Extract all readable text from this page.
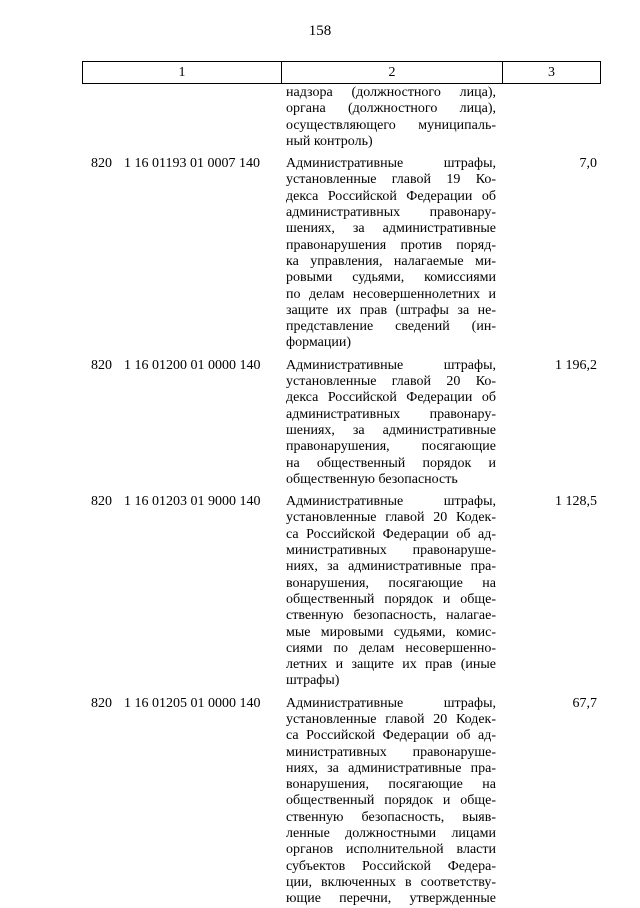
158
1	2	3
надзора (должностного лица),
органа (должностного лица),
осуществляющего муниципаль-
ный контроль)
820 1 16 01193 01 0007 140 Административные штрафы,
установленные главой 19 Ко-
декса Российской Федерации об
административных правонару-
шениях, за административные
правонарушения против поряд-
ка управления, налагаемые ми-
ровыми судьями, комиссиями
по делам несовершеннолетних и
защите их прав (штрафы за не-
представление сведений (ин-
формации)
7,0
820 1 16 01200 01 0000 140 Административные штрафы,
установленные главой 20 Ко-
декса Российской Федерации об
административных правонару-
шениях, за административные
правонарушения, посягающие
на общественный порядок и
общественную безопасность
1 196,2
820 1 16 01203 01 9000 140 Административные штрафы,
установленные главой 20 Кодек-
са Российской Федерации об ад-
министративных правонаруше-
ниях, за административные пра-
вонарушения, посягающие на
общественный порядок и обще-
ственную безопасность, налагае-
мые мировыми судьями, комис-
сиями по делам несовершенно-
летних и защите их прав (иные
штрафы)
1 128,5
820 1 16 01205 01 0000 140 Административные штрафы,
установленные главой 20 Кодек-
са Российской Федерации об ад-
министративных правонаруше-
ниях, за административные пра-
вонарушения, посягающие на
общественный порядок и обще-
ственную безопасность, выяв-
ленные должностными лицами
органов исполнительной власти
субъектов Российской Федера-
ции, включенных в соответству-
ющие перечни, утвержденные
67,7
